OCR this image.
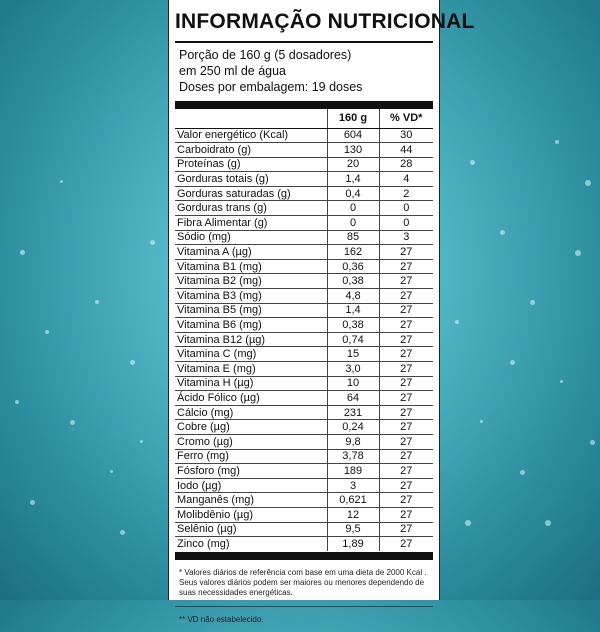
INFORMAÇÃO NUTRICIONAL
Porção de 160 g (5 dosadores)
em 250 ml de água
Doses por embalagem: 19 doses
	160 g	% VD*
Valor energético (Kcal)	604	30
Carboidrato (g)	130	44
Proteínas (g)	20	28
Gorduras totais (g)	1,4	4
Gorduras saturadas (g)	0,4	2
Gorduras trans (g)	0	0
Fibra Alimentar (g)	0	0
Sódio (mg)	85	3
Vitamina A (µg)	162	27
Vitamina B1 (mg)	0,36	27
Vitamina B2 (mg)	0,38	27
Vitamina B3 (mg)	4,8	27
Vitamina B5 (mg)	1,4	27
Vitamina B6 (mg)	0,38	27
Vitamina B12 (µg)	0,74	27
Vitamina C (mg)	15	27
Vitamina E (mg)	3,0	27
Vitamina H (µg)	10	27
Ácido Fólico (µg)	64	27
Cálcio (mg)	231	27
Cobre (µg)	0,24	27
Cromo (µg)	9,8	27
Ferro (mg)	3,78	27
Fósforo (mg)	189	27
Iodo (µg)	3	27
Manganês (mg)	0,621	27
Molibdênio (µg)	12	27
Selênio (µg)	9,5	27
Zinco (mg)	1,89	27
* Valores diários de referência com base em uma dieta de 2000 Kcal . Seus valores diários podem ser maiores ou menores dependendo de suas necessidades energéticas.
** VD não estabelecido.
